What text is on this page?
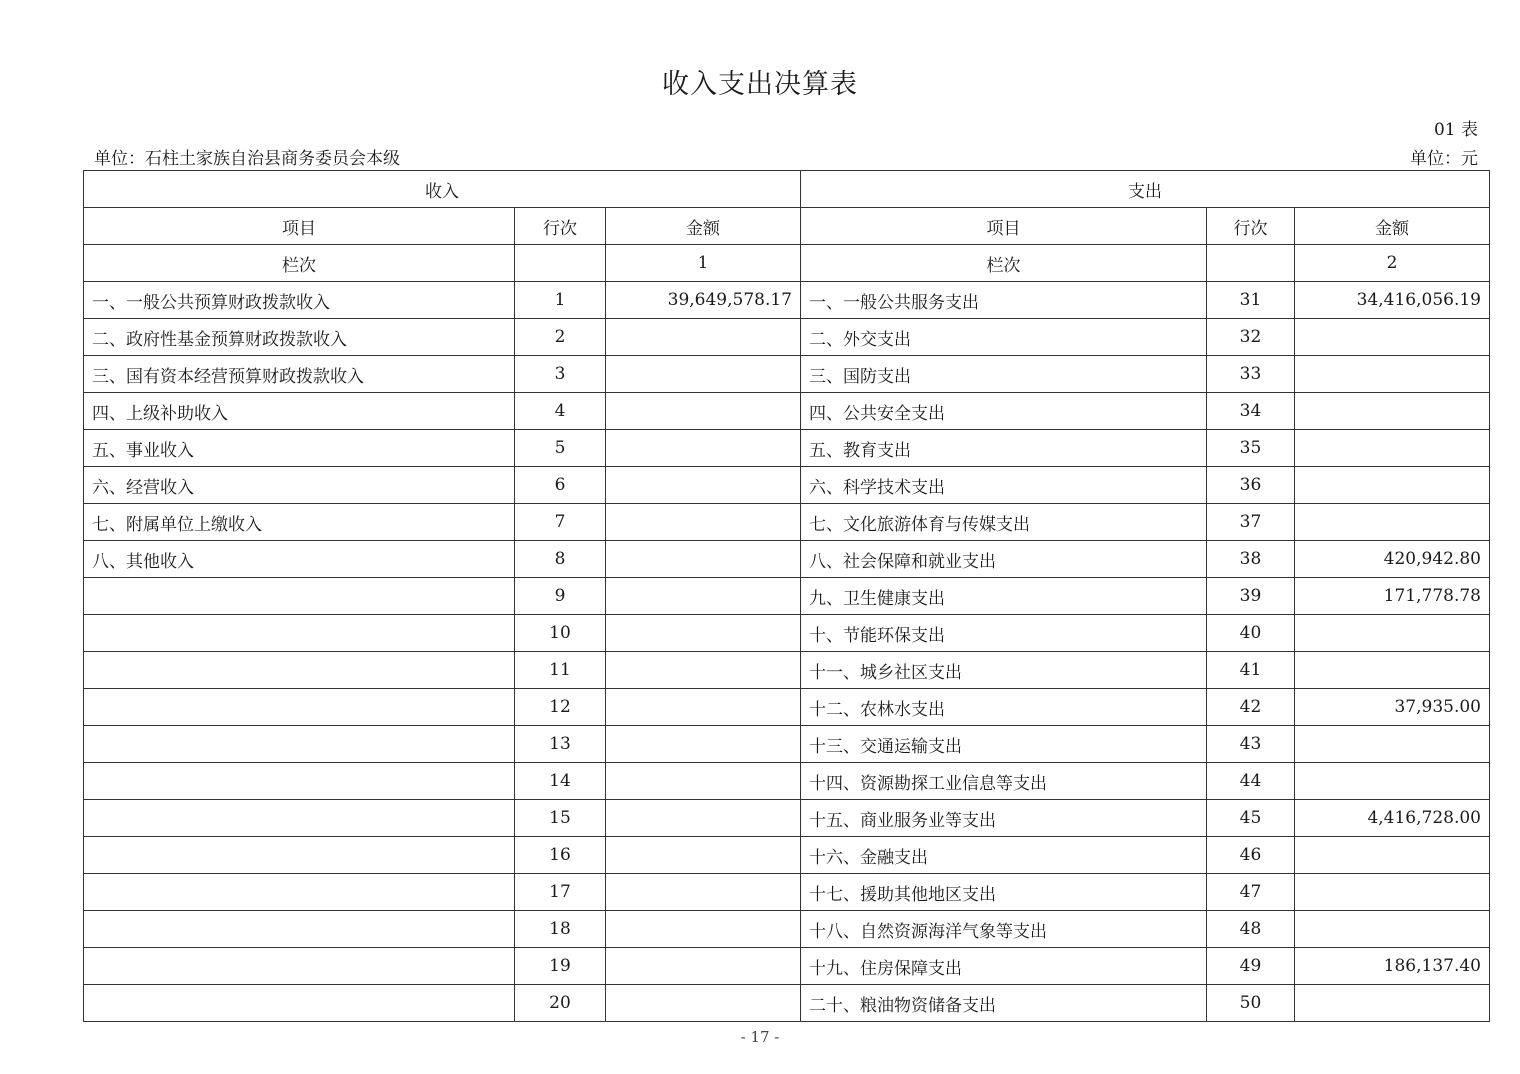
收入支出决算表
01 表
单位：石柱土家族自治县商务委员会本级	单位：元
收入			支出		
项目	行次	金额	项目	行次	金额
栏次		1	栏次		2
一、一般公共预算财政拨款收入	1	39,649,578.17	一、一般公共服务支出	31	34,416,056.19
二、政府性基金预算财政拨款收入	2		二、外交支出	32	
三、国有资本经营预算财政拨款收入	3		三、国防支出	33	
四、上级补助收入	4		四、公共安全支出	34	
五、事业收入	5		五、教育支出	35	
六、经营收入	6		六、科学技术支出	36	
七、附属单位上缴收入	7		七、文化旅游体育与传媒支出	37	
八、其他收入	8		八、社会保障和就业支出	38	420,942.80
	9		九、卫生健康支出	39	171,778.78
	10		十、节能环保支出	40	
	11		十一、城乡社区支出	41	
	12		十二、农林水支出	42	37,935.00
	13		十三、交通运输支出	43	
	14		十四、资源勘探工业信息等支出	44	
	15		十五、商业服务业等支出	45	4,416,728.00
	16		十六、金融支出	46	
	17		十七、援助其他地区支出	47	
	18		十八、自然资源海洋气象等支出	48	
	19		十九、住房保障支出	49	186,137.40
	20		二十、粮油物资储备支出	50	
- 17 -
